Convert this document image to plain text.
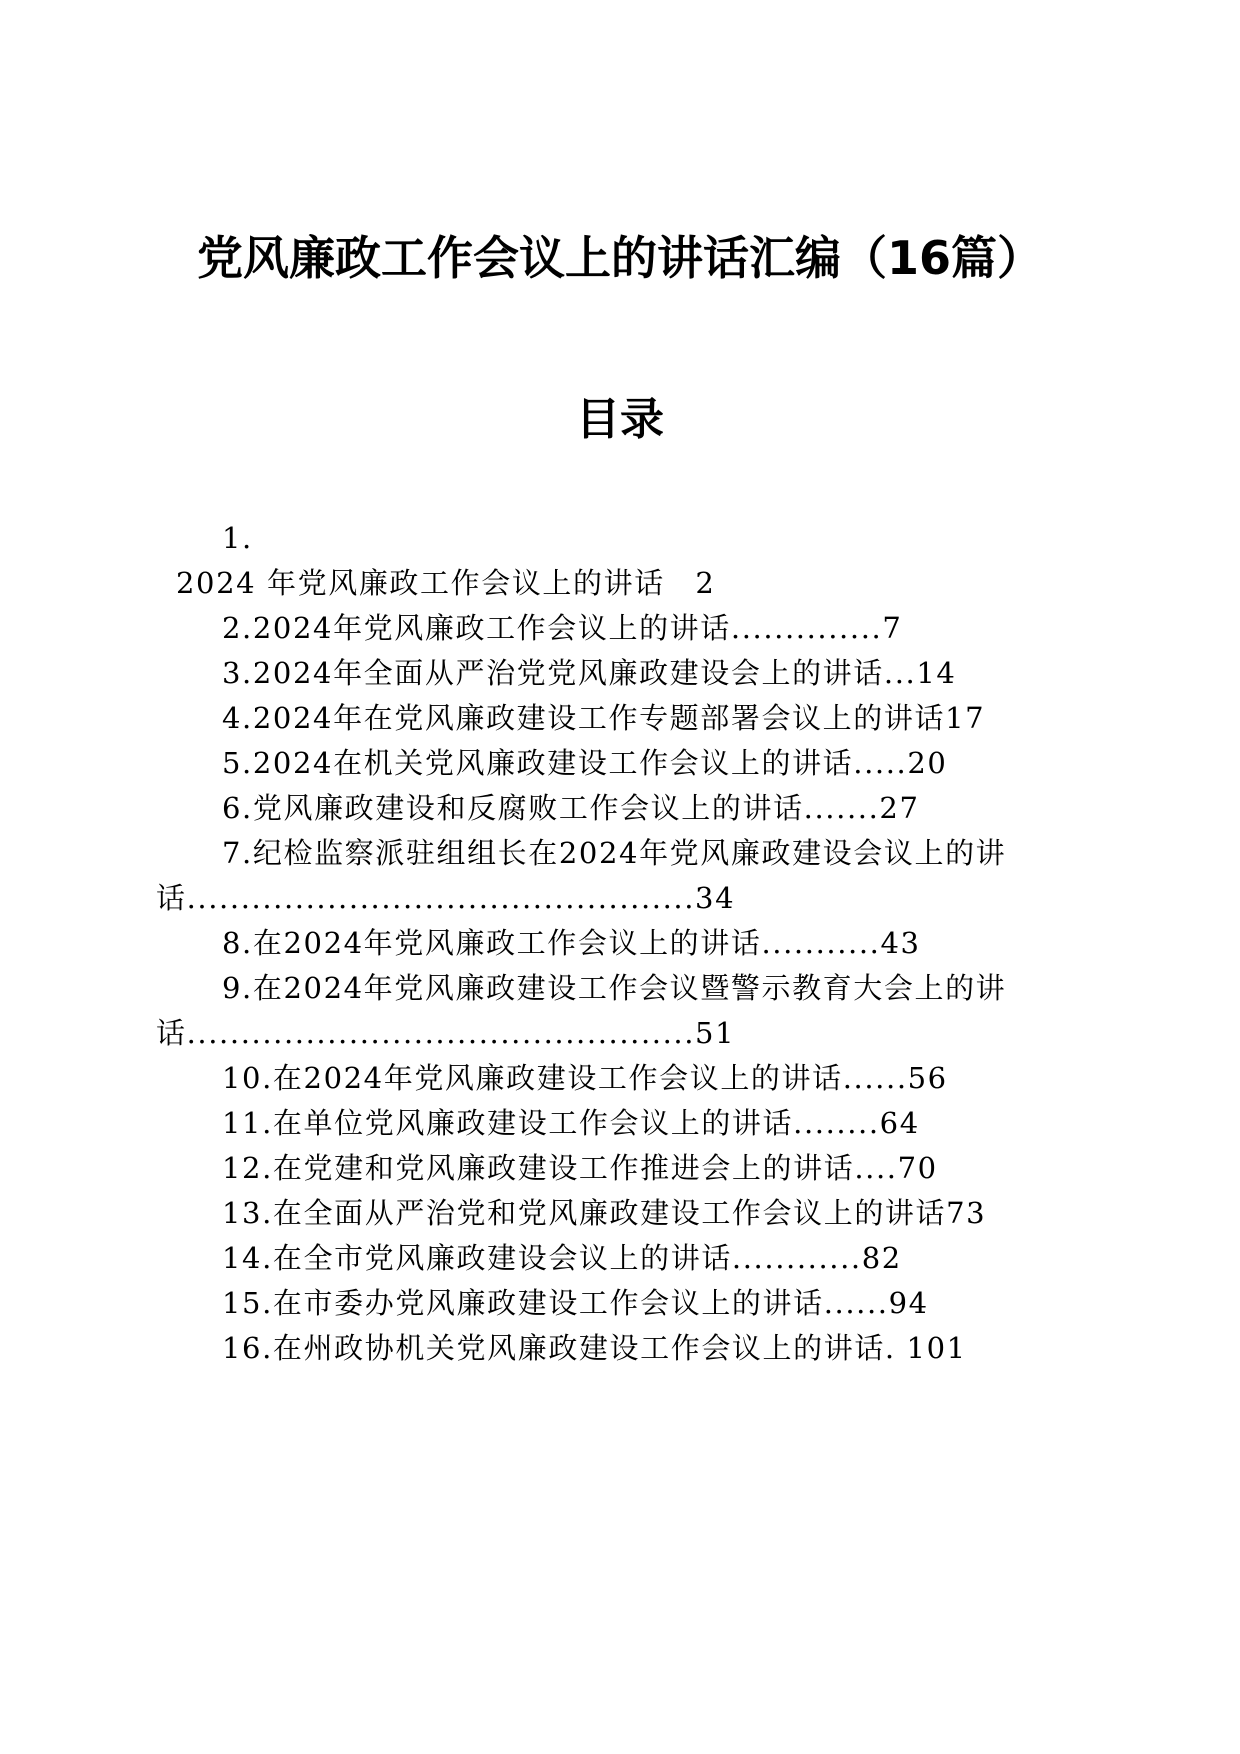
党风廉政工作会议上的讲话汇编（16篇）
目录
1.
2024 年党风廉政工作会议上的讲话　2
2.2024年党风廉政工作会议上的讲话..............7
3.2024年全面从严治党党风廉政建设会上的讲话...14
4.2024年在党风廉政建设工作专题部署会议上的讲话17
5.2024在机关党风廉政建设工作会议上的讲话.....20
6.党风廉政建设和反腐败工作会议上的讲话.......27
7.纪检监察派驻组组长在2024年党风廉政建设会议上的讲
话...............................................34
8.在2024年党风廉政工作会议上的讲话...........43
9.在2024年党风廉政建设工作会议暨警示教育大会上的讲
话...............................................51
10.在2024年党风廉政建设工作会议上的讲话......56
11.在单位党风廉政建设工作会议上的讲话........64
12.在党建和党风廉政建设工作推进会上的讲话....70
13.在全面从严治党和党风廉政建设工作会议上的讲话73
14.在全市党风廉政建设会议上的讲话............82
15.在市委办党风廉政建设工作会议上的讲话......94
16.在州政协机关党风廉政建设工作会议上的讲话. 101
